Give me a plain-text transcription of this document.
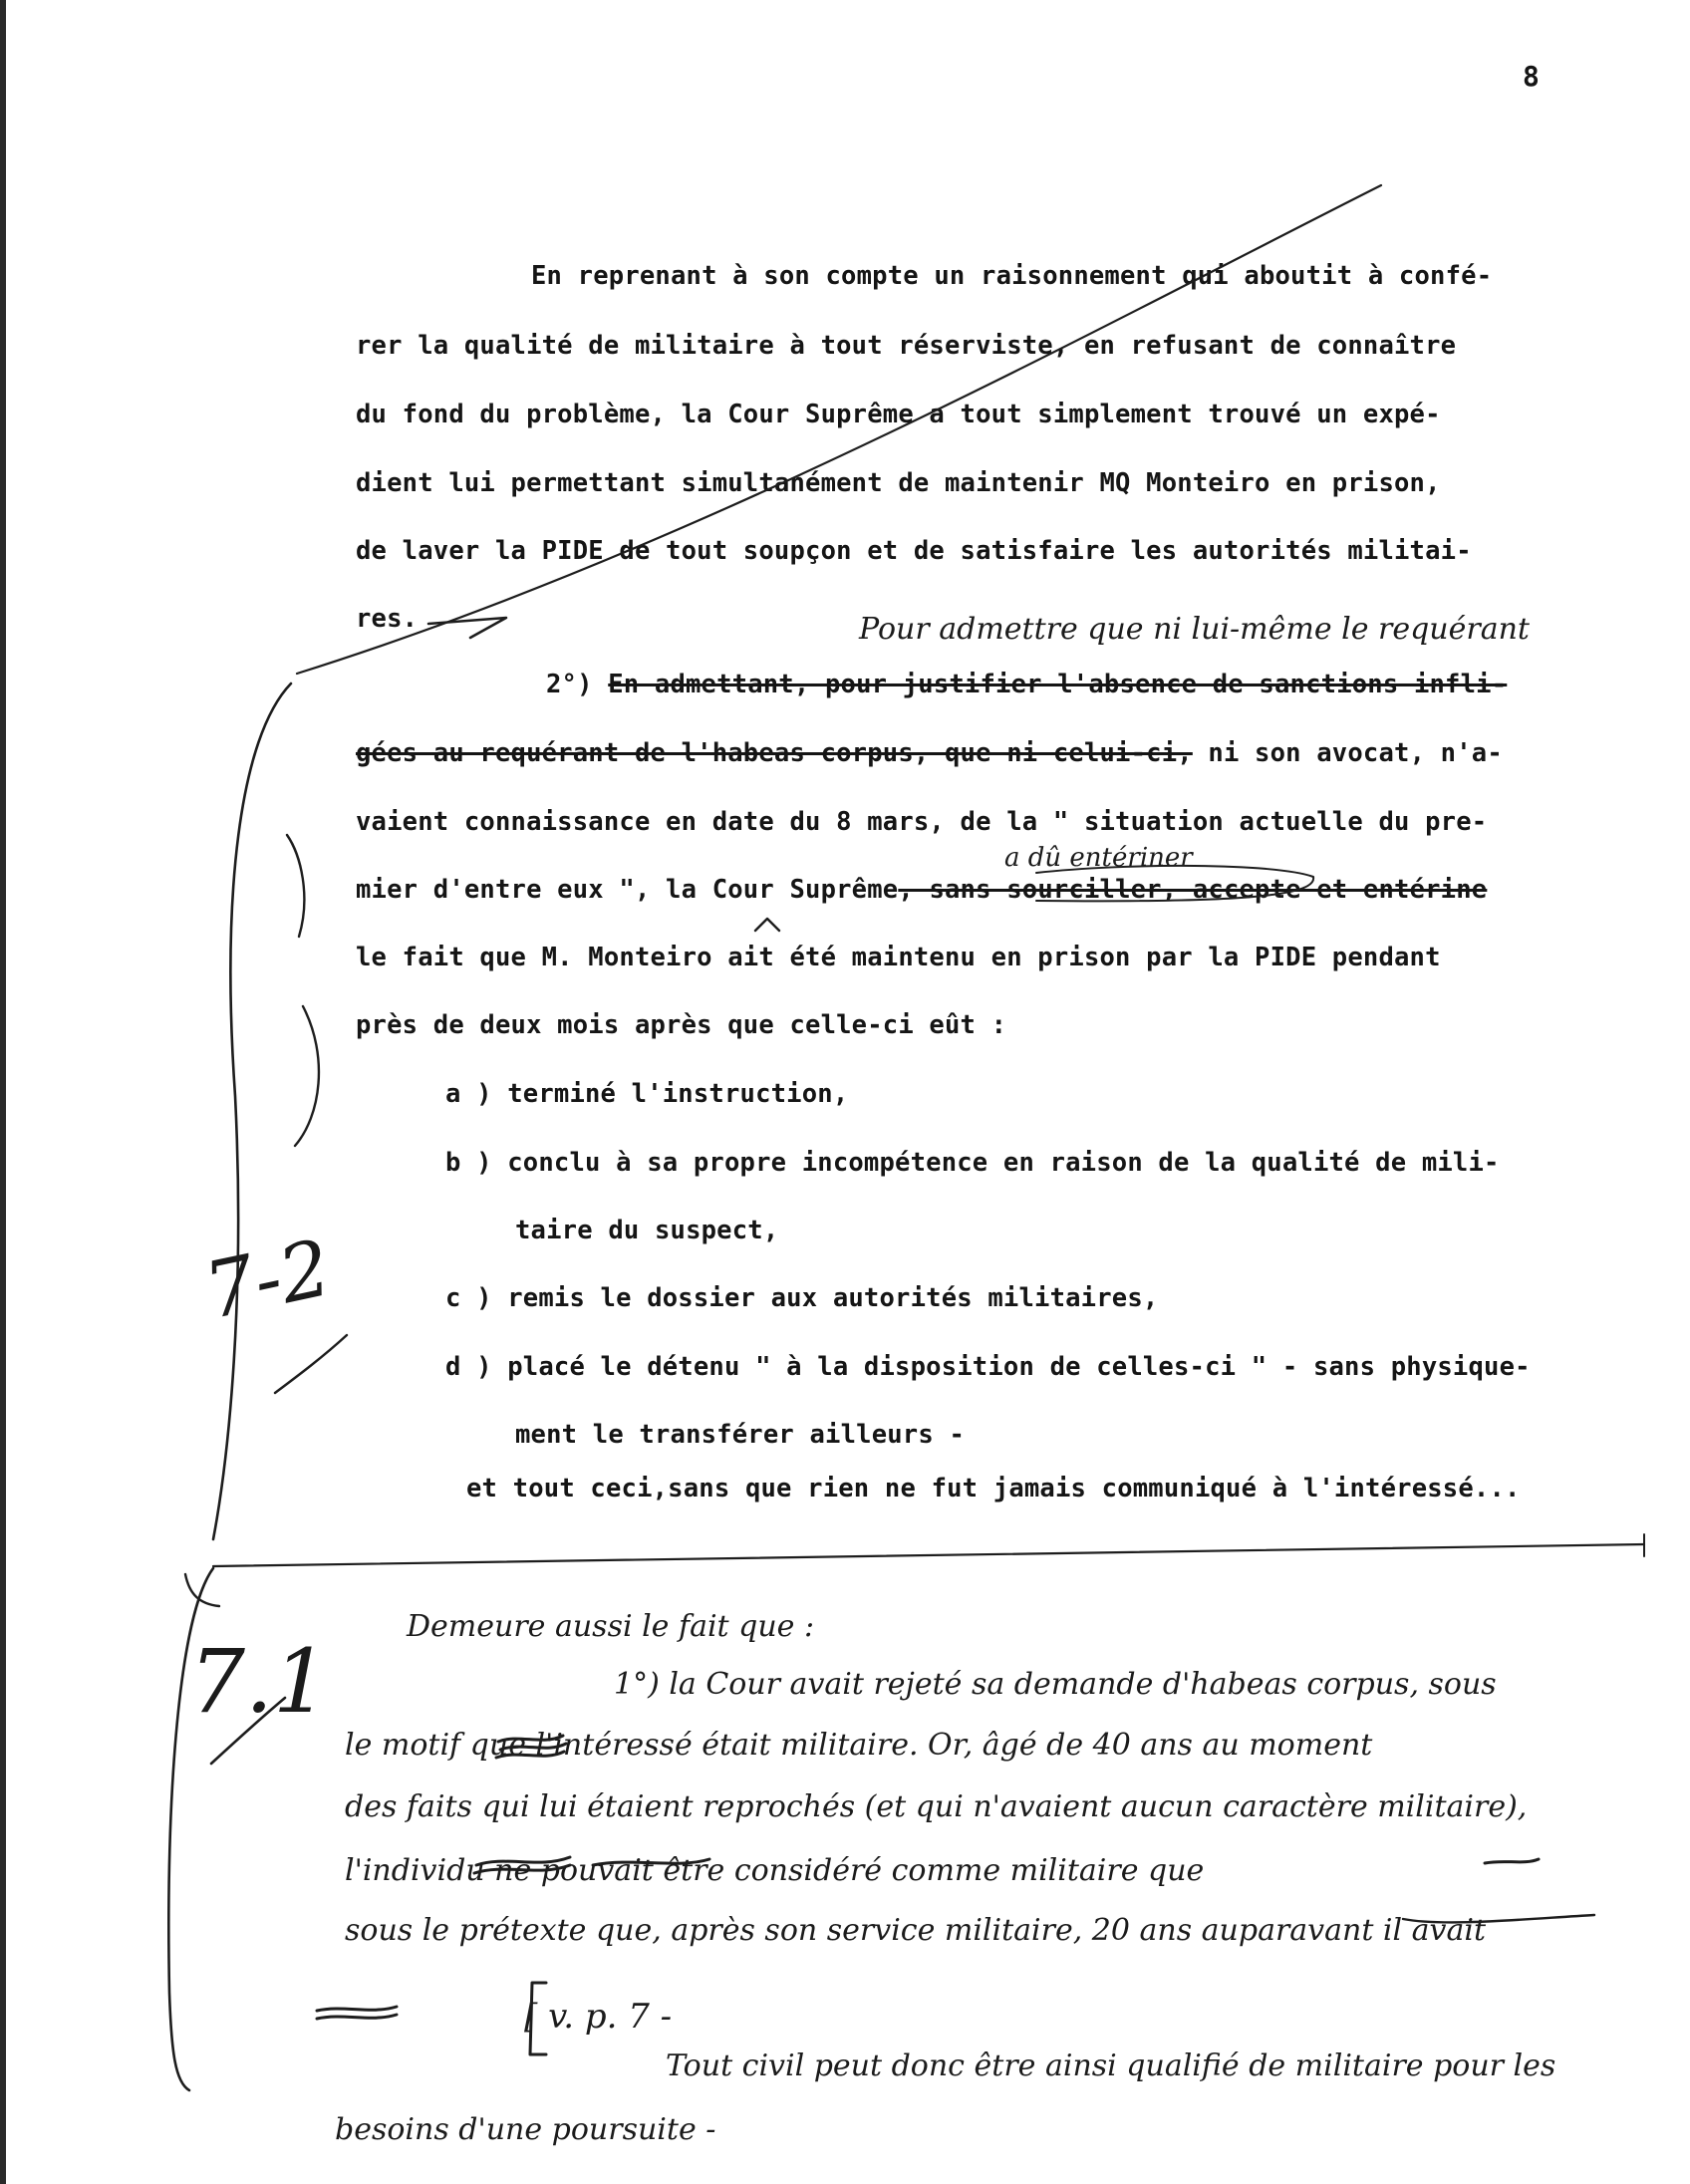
8
En reprenant à son compte un raisonnement qui aboutit à confé-
rer la qualité de militaire à tout réserviste, en refusant de connaître
du fond du problème, la Cour Suprême a tout simplement trouvé un expé-
dient lui permettant simultanément de maintenir MQ Monteiro en prison,
de laver la PIDE de tout soupçon et de satisfaire les autorités militai-
res.	Pour admettre que ni lui-même le requérant
2°) En admettant, pour justifier l'absence de sanctions infli-
gées au requérant de l'habeas corpus, que ni celui-ci, ni son avocat, n'a-
vaient connaissance en date du 8 mars, de la " situation actuelle du pre-
a dû entériner
mier d'entre eux ", la Cour Suprême, sans sourciller, accepte et entérine
le fait que M. Monteiro ait été maintenu en prison par la PIDE pendant
près de deux mois après que celle-ci eût :
a ) terminé l'instruction,
b ) conclu à sa propre incompétence en raison de la qualité de mili-
taire du suspect,
c ) remis le dossier aux autorités militaires,
d ) placé le détenu " à la disposition de celles-ci " - sans physique-
ment le transférer ailleurs -
et tout ceci,sans que rien ne fut jamais communiqué à l'intéressé...
7-2
7.1
Demeure aussi le fait que :
1°) la Cour avait rejeté sa demande d'habeas corpus, sous
le motif que l'intéressé était militaire. Or, âgé de 40 ans au moment
des faits qui lui étaient reprochés (et qui n'avaient aucun caractère militaire),
l'individu ne pouvait être considéré comme militaire que
sous le prétexte que, après son service militaire, 20 ans auparavant il avait
[ v. p. 7 -
Tout civil peut donc être ainsi qualifié de militaire pour les
besoins d'une poursuite -
